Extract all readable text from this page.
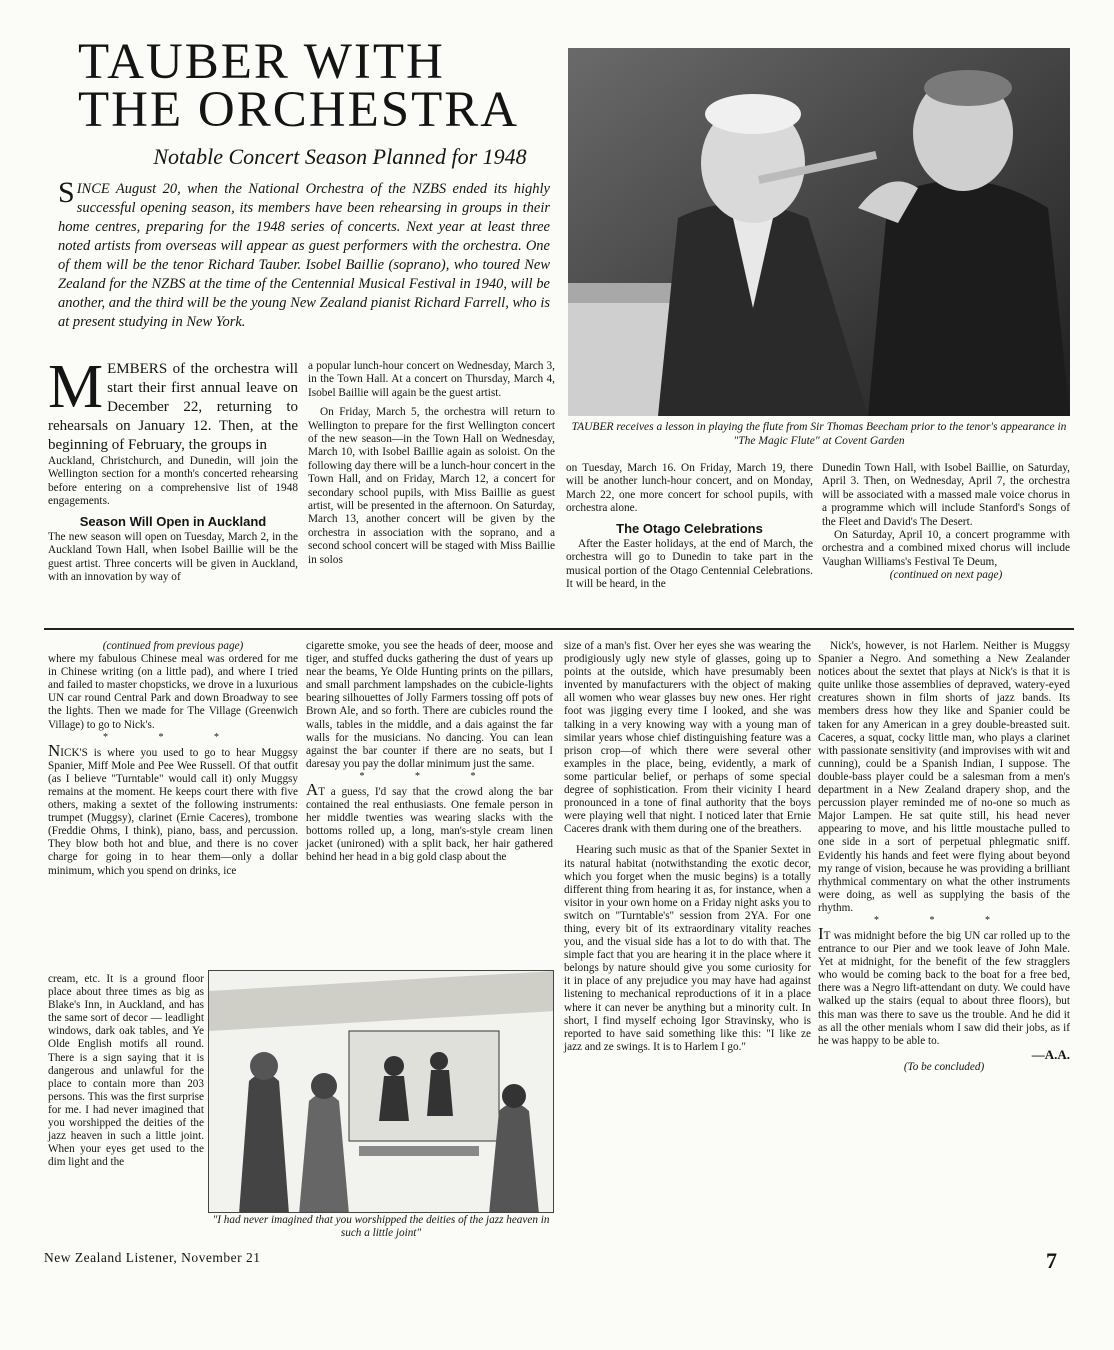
TAUBER WITH
THE ORCHESTRA
Notable Concert Season Planned for 1948
SINCE August 20, when the National Orchestra of the NZBS ended its highly successful opening season, its members have been rehearsing in groups in their home centres, preparing for the 1948 series of concerts. Next year at least three noted artists from overseas will appear as guest performers with the orchestra. One of them will be the tenor Richard Tauber. Isobel Baillie (soprano), who toured New Zealand for the NZBS at the time of the Centennial Musical Festival in 1940, will be another, and the third will be the young New Zealand pianist Richard Farrell, who is at present studying in New York.
TAUBER receives a lesson in playing the flute from Sir Thomas Beecham prior to the tenor's appearance in "The Magic Flute" at Covent Garden
MEMBERS of the orchestra will start their first annual leave on December 22, returning to rehearsals on January 12. Then, at the beginning of February, the groups in

Auckland, Christchurch, and Dunedin, will join the Wellington section for a month's concerted rehearsing before entering on a comprehensive list of 1948 engagements.

Season Will Open in Auckland

The new season will open on Tuesday, March 2, in the Auckland Town Hall, when Isobel Baillie will be the guest artist. Three concerts will be given in Auckland, with an innovation by way of

a popular lunch-hour concert on Wednesday, March 3, in the Town Hall. At a concert on Thursday, March 4, Isobel Baillie will again be the guest artist.

On Friday, March 5, the orchestra will return to Wellington to prepare for the first Wellington concert of the new season—in the Town Hall on Wednesday, March 10, with Isobel Baillie again as soloist. On the following day there will be a lunch-hour concert in the Town Hall, and on Friday, March 12, a concert for secondary school pupils, with Miss Baillie as guest artist, will be presented in the afternoon. On Saturday, March 13, another concert will be given by the orchestra in association with the soprano, and a second school concert will be staged with Miss Baillie in solos

on Tuesday, March 16. On Friday, March 19, there will be another lunch-hour concert, and on Monday, March 22, one more concert for school pupils, with orchestra alone.

The Otago Celebrations

After the Easter holidays, at the end of March, the orchestra will go to Dunedin to take part in the musical portion of the Otago Centennial Celebrations. It will be heard, in the

Dunedin Town Hall, with Isobel Baillie, on Saturday, April 3. Then, on Wednesday, April 7, the orchestra will be associated with a massed male voice chorus in a programme which will include Stanford's Songs of the Fleet and David's The Desert.

On Saturday, April 10, a concert programme with orchestra and a combined mixed chorus will include Vaughan Williams's Festival Te Deum,

(continued on next page)

(continued from previous page)

where my fabulous Chinese meal was ordered for me in Chinese writing (on a little pad), and where I tried and failed to master chopsticks, we drove in a luxurious UN car round Central Park and down Broadway to see the lights. Then we made for The Village (Greenwich Village) to go to Nick's.

* * *

NICK'S is where you used to go to hear Muggsy Spanier, Miff Mole and Pee Wee Russell. Of that outfit (as I believe "Turntable" would call it) only Muggsy remains at the moment. He keeps court there with five others, making a sextet of the following instruments: trumpet (Muggsy), clarinet (Ernie Caceres), trombone (Freddie Ohms, I think), piano, bass, and percussion. They blow both hot and blue, and there is no cover charge for going in to hear them—only a dollar minimum, which you spend on drinks, ice

cream, etc. It is a ground floor place about three times as big as Blake's Inn, in Auckland, and has the same sort of decor — leadlight windows, dark oak tables, and Ye Olde English motifs all round. There is a sign saying that it is dangerous and unlawful for the place to contain more than 203 persons. This was the first surprise for me. I had never imagined that you worshipped the deities of the jazz heaven in such a little joint. When your eyes get used to the dim light and the

cigarette smoke, you see the heads of deer, moose and tiger, and stuffed ducks gathering the dust of years up near the beams, Ye Olde Hunting prints on the pillars, and small parchment lampshades on the cubicle-lights bearing silhouettes of Jolly Farmers tossing off pots of Brown Ale, and so forth. There are cubicles round the walls, tables in the middle, and a dais against the far walls for the musicians. No dancing. You can lean against the bar counter if there are no seats, but I daresay you pay the dollar minimum just the same.

* * *

AT a guess, I'd say that the crowd along the bar contained the real enthusiasts. One female person in her middle twenties was wearing slacks with the bottoms rolled up, a long, man's-style cream linen jacket (unironed) with a split back, her hair gathered behind her head in a big gold clasp about the

"I had never imagined that you worshipped the deities of the jazz heaven in such a little joint"

size of a man's fist. Over her eyes she was wearing the prodigiously ugly new style of glasses, going up to points at the outside, which have presumably been invented by manufacturers with the object of making all women who wear glasses buy new ones. Her right foot was jigging every time I looked, and she was talking in a very knowing way with a young man of similar years whose chief distinguishing feature was a prison crop—of which there were several other examples in the place, being, evidently, a mark of some particular belief, or perhaps of some special degree of sophistication. From their vicinity I heard pronounced in a tone of final authority that the boys were playing well that night. I noticed later that Ernie Caceres drank with them during one of the breathers.

Hearing such music as that of the Spanier Sextet in its natural habitat (notwithstanding the exotic decor, which you forget when the music begins) is a totally different thing from hearing it as, for instance, when a visitor in your own home on a Friday night asks you to switch on "Turntable's" session from 2YA. For one thing, every bit of its extraordinary vitality reaches you, and the visual side has a lot to do with that. The simple fact that you are hearing it in the place where it belongs by nature should give you some curiosity for it in place of any prejudice you may have had against listening to mechanical reproductions of it in a place where it can never be anything but a minority cult. In short, I find myself echoing Igor Stravinsky, who is reported to have said something like this: "I like ze jazz and ze swings. It is to Harlem I go."

Nick's, however, is not Harlem. Neither is Muggsy Spanier a Negro. And something a New Zealander notices about the sextet that plays at Nick's is that it is quite unlike those assemblies of depraved, watery-eyed creatures shown in film shorts of jazz bands. Its members dress how they like and Spanier could be taken for any American in a grey double-breasted suit. Caceres, a squat, cocky little man, who plays a clarinet with passionate sensitivity (and improvises with wit and cunning), could be a Spanish Indian, I suppose. The double-bass player could be a salesman from a men's department in a New Zealand drapery shop, and the percussion player reminded me of no-one so much as Major Lampen. He sat quite still, his head never appearing to move, and his little moustache pulled to one side in a sort of perpetual phlegmatic sniff. Evidently his hands and feet were flying about beyond my range of vision, because he was providing a brilliant rhythmical commentary on what the other instruments were doing, as well as supplying the basis of the rhythm.

* * *

IT was midnight before the big UN car rolled up to the entrance to our Pier and we took leave of John Male. Yet at midnight, for the benefit of the few stragglers who would be coming back to the boat for a free bed, there was a Negro lift-attendant on duty. We could have walked up the stairs (equal to about three floors), but this man was there to save us the trouble. And he did it as all the other menials whom I saw did their jobs, as if he was happy to be able to.

—A.A.

(To be concluded)

New Zealand Listener, November 21	7
